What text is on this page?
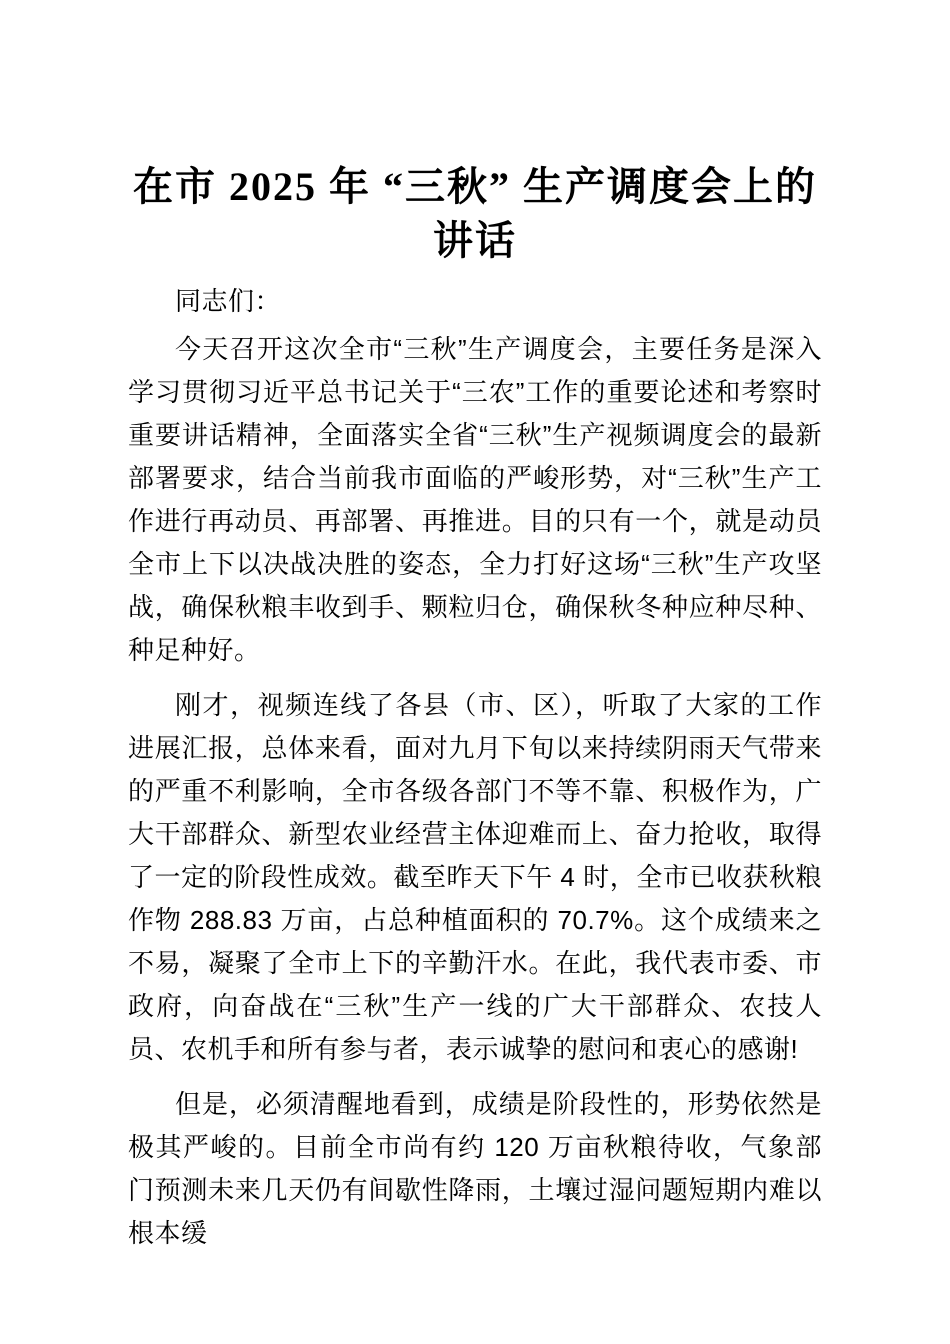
在市 2025 年 “三秋” 生产调度会上的
讲话

同志们：

今天召开这次全市“三秋”生产调度会，主要任务是深入学习贯彻习近平总书记关于“三农”工作的重要论述和考察时重要讲话精神，全面落实全省“三秋”生产视频调度会的最新部署要求，结合当前我市面临的严峻形势，对“三秋”生产工作进行再动员、再部署、再推进。目的只有一个，就是动员全市上下以决战决胜的姿态，全力打好这场“三秋”生产攻坚战，确保秋粮丰收到手、颗粒归仓，确保秋冬种应种尽种、种足种好。

刚才，视频连线了各县（市、区），听取了大家的工作进展汇报，总体来看，面对九月下旬以来持续阴雨天气带来的严重不利影响，全市各级各部门不等不靠、积极作为，广大干部群众、新型农业经营主体迎难而上、奋力抢收，取得了一定的阶段性成效。截至昨天下午 4 时，全市已收获秋粮作物 288.83 万亩，占总种植面积的 70.7%。这个成绩来之不易，凝聚了全市上下的辛勤汗水。在此，我代表市委、市政府，向奋战在“三秋”生产一线的广大干部群众、农技人员、农机手和所有参与者，表示诚挚的慰问和衷心的感谢!

但是，必须清醒地看到，成绩是阶段性的，形势依然是极其严峻的。目前全市尚有约 120 万亩秋粮待收，气象部门预测未来几天仍有间歇性降雨，土壤过湿问题短期内难以根本缓
